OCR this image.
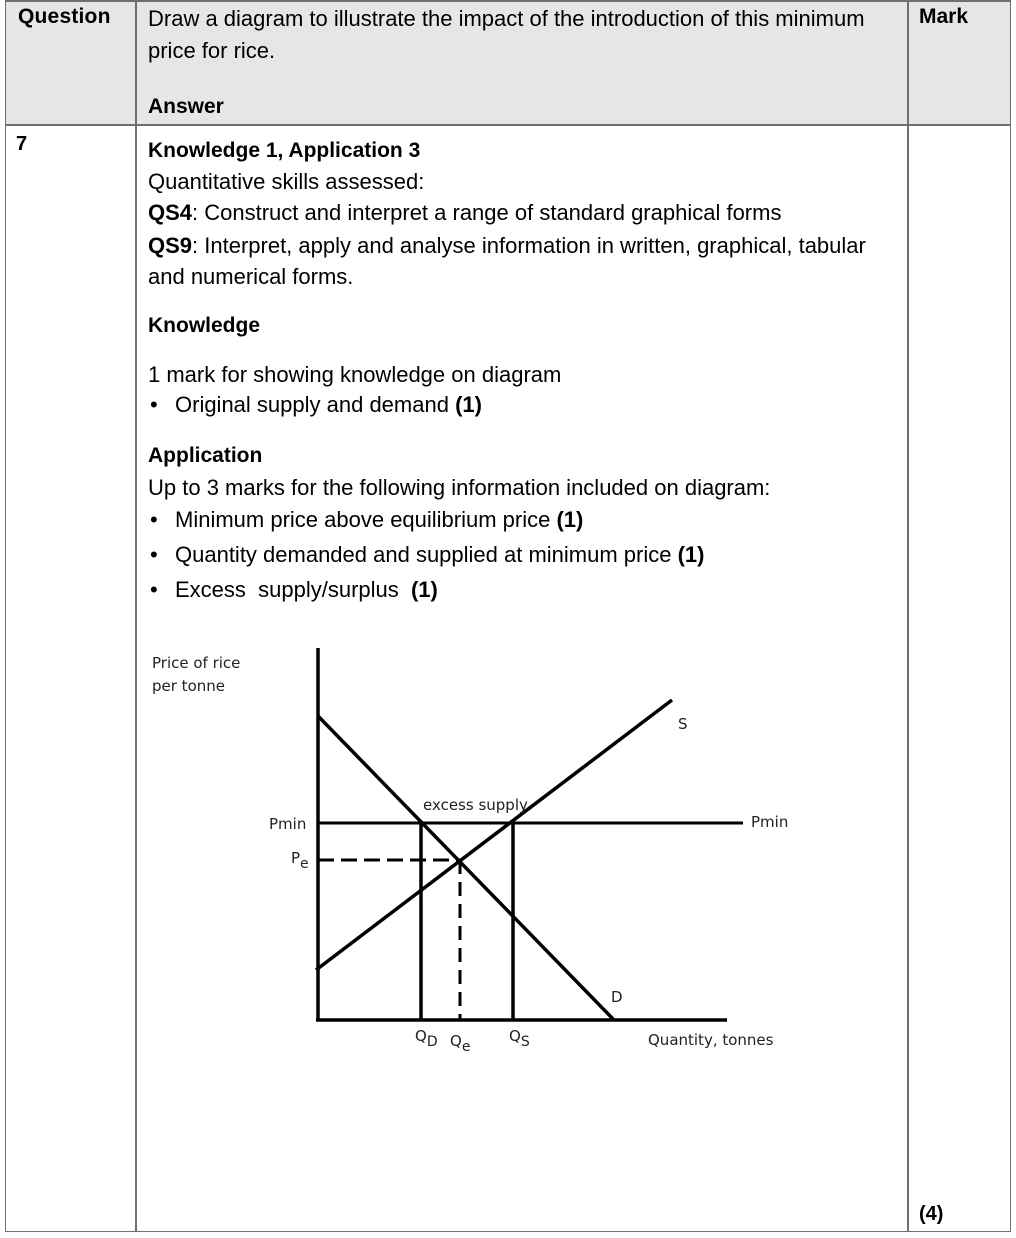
Question Draw a diagram to illustrate the impact of the introduction of this minimum price for rice.
Answer
Mark
7	Knowledge 1, Application 3

Quantitative skills assessed:

QS4: Construct and interpret a range of standard graphical forms

QS9: Interpret, apply and analyse information in written, graphical, tabular and numerical forms.

Knowledge

1 mark for showing knowledge on diagram

• Original supply and demand (1)

Application

Up to 3 marks for the following information included on diagram:

• Minimum price above equilibrium price (1)
• Quantity demanded and supplied at minimum price (1)
• Excess  supply/surplus  (1)
(4)
Price of rice
per tonne
Quantity, tonnes
Pmin	Pmin
Pe
S
D
excess supply
QD Qe
QS
